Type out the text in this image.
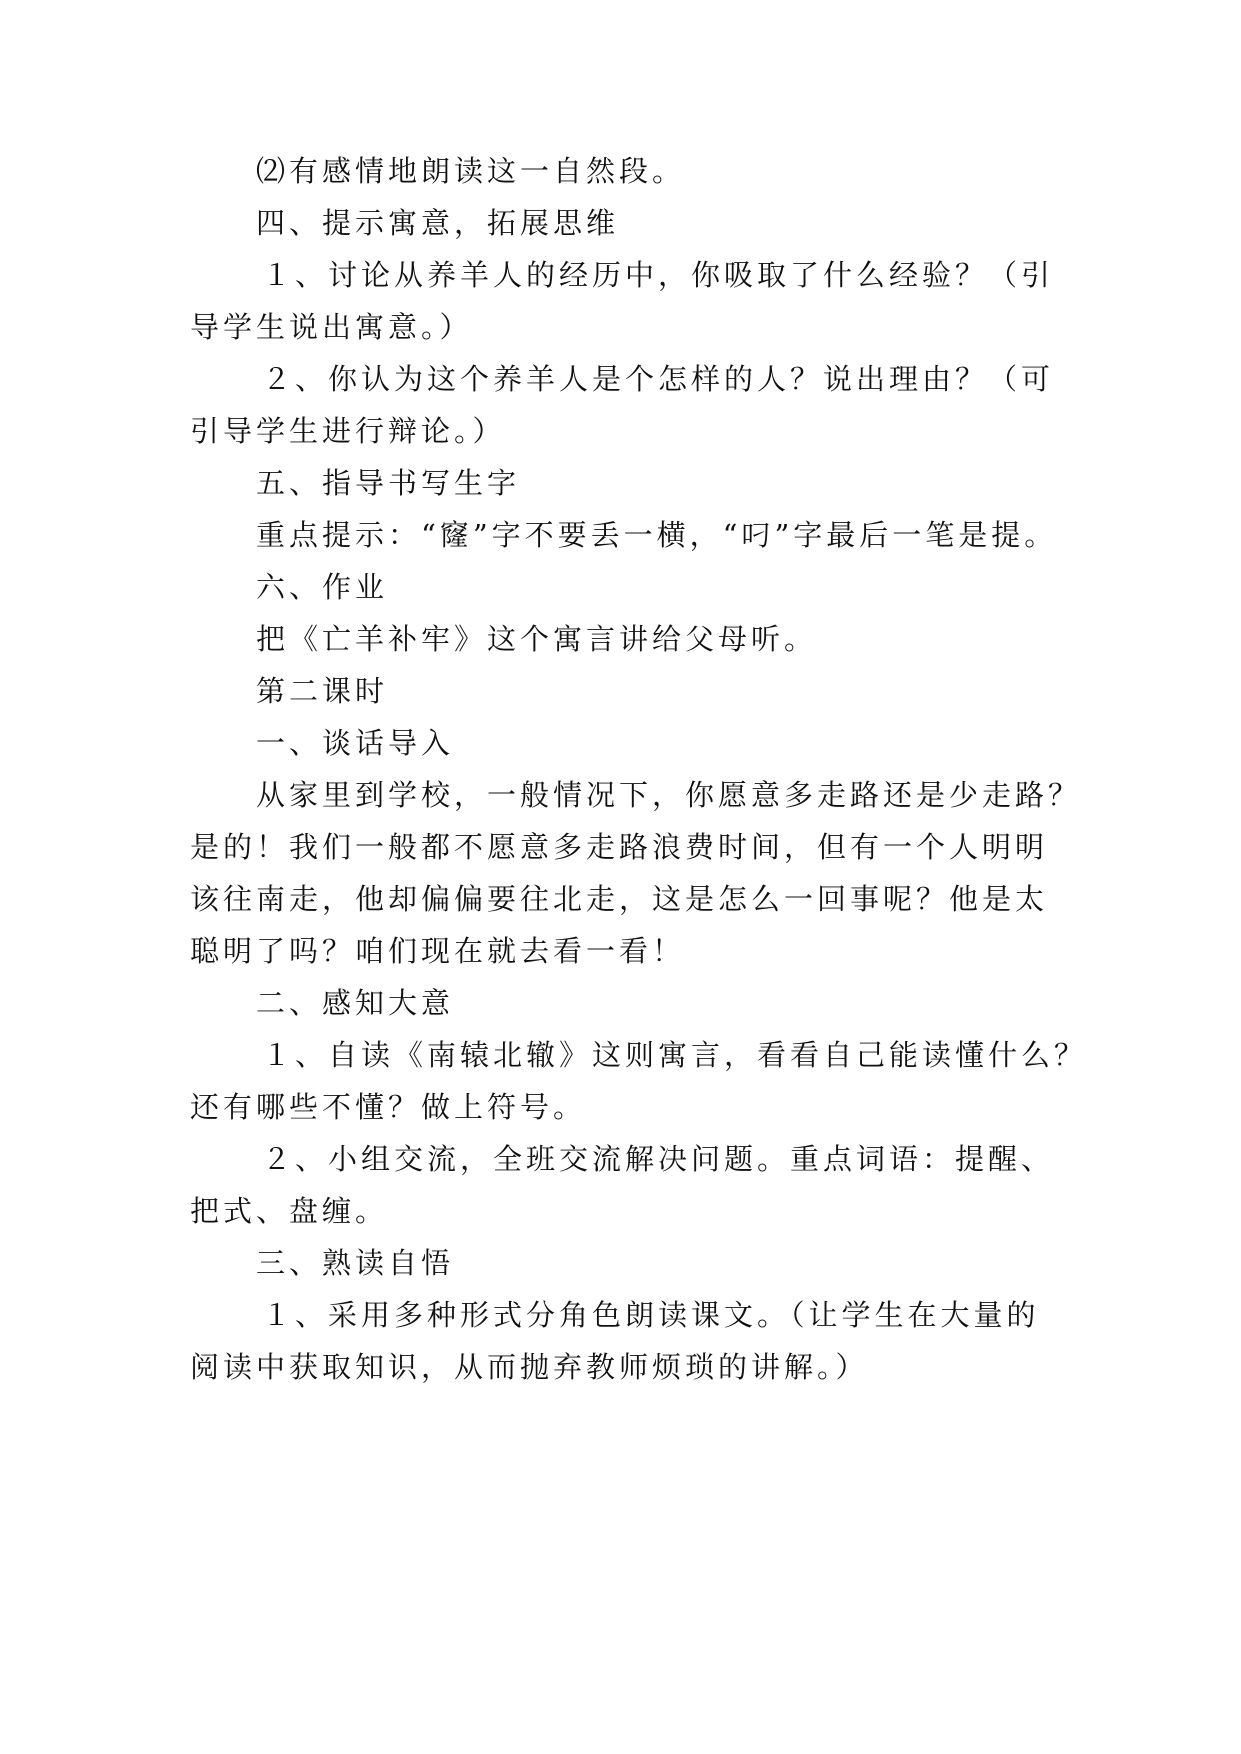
⑵有感情地朗读这一自然段。
四、提示寓意，拓展思维
１、讨论从养羊人的经历中，你吸取了什么经验？（引
导学生说出寓意。）
２、你认为这个养羊人是个怎样的人？说出理由？（可
引导学生进行辩论。）
五、指导书写生字
重点提示：“窿”字不要丢一横，“叼”字最后一笔是提。
六、作业
把《亡羊补牢》这个寓言讲给父母听。
第二课时
一、谈话导入
从家里到学校，一般情况下，你愿意多走路还是少走路？
是的！我们一般都不愿意多走路浪费时间，但有一个人明明
该往南走，他却偏偏要往北走，这是怎么一回事呢？他是太
聪明了吗？咱们现在就去看一看！
二、感知大意
１、自读《南辕北辙》这则寓言，看看自己能读懂什么？
还有哪些不懂？做上符号。
２、小组交流，全班交流解决问题。重点词语：提醒、
把式、盘缠。
三、熟读自悟
１、采用多种形式分角色朗读课文。（让学生在大量的
阅读中获取知识，从而抛弃教师烦琐的讲解。）
